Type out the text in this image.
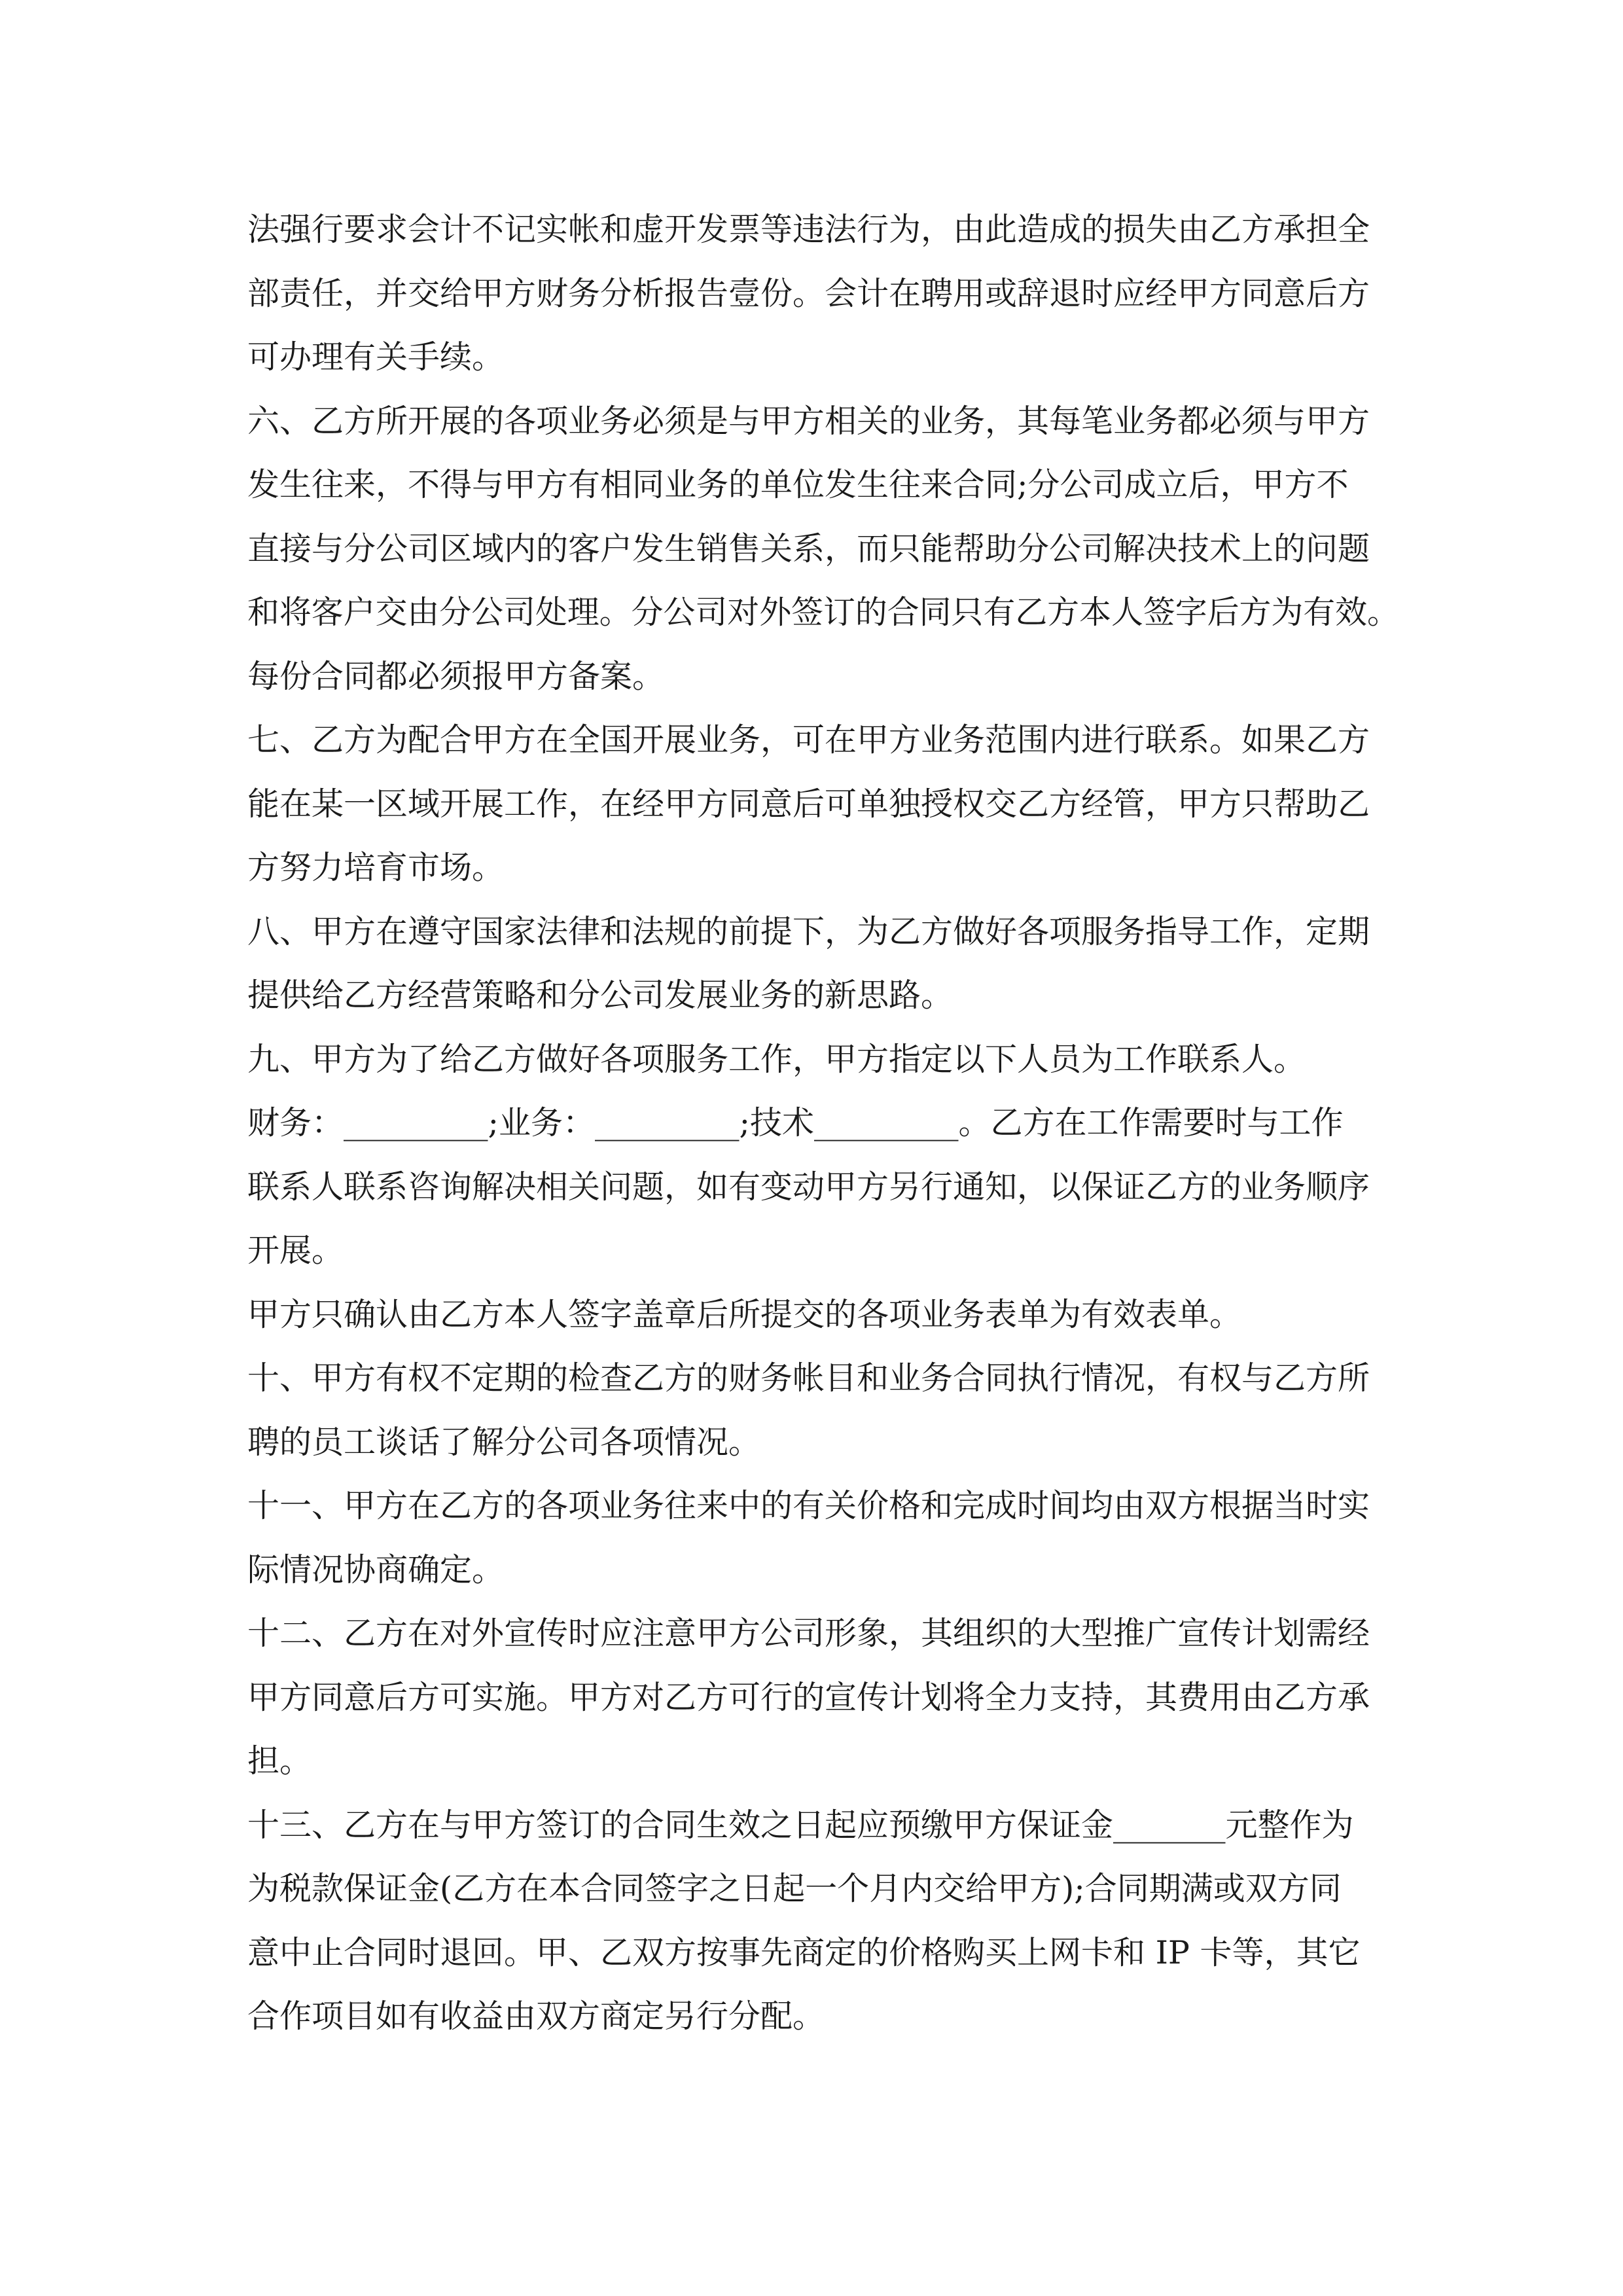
法强行要求会计不记实帐和虚开发票等违法行为，由此造成的损失由乙方承担全
部责任，并交给甲方财务分析报告壹份。会计在聘用或辞退时应经甲方同意后方
可办理有关手续。
六、乙方所开展的各项业务必须是与甲方相关的业务，其每笔业务都必须与甲方
发生往来，不得与甲方有相同业务的单位发生往来合同;分公司成立后，甲方不
直接与分公司区域内的客户发生销售关系，而只能帮助分公司解决技术上的问题
和将客户交由分公司处理。分公司对外签订的合同只有乙方本人签字后方为有效。
每份合同都必须报甲方备案。
七、乙方为配合甲方在全国开展业务，可在甲方业务范围内进行联系。如果乙方
能在某一区域开展工作，在经甲方同意后可单独授权交乙方经管，甲方只帮助乙
方努力培育市场。
八、甲方在遵守国家法律和法规的前提下，为乙方做好各项服务指导工作，定期
提供给乙方经营策略和分公司发展业务的新思路。
九、甲方为了给乙方做好各项服务工作，甲方指定以下人员为工作联系人。
财务：_________;业务：_________;技术_________。乙方在工作需要时与工作
联系人联系咨询解决相关问题，如有变动甲方另行通知，以保证乙方的业务顺序
开展。
甲方只确认由乙方本人签字盖章后所提交的各项业务表单为有效表单。
十、甲方有权不定期的检查乙方的财务帐目和业务合同执行情况，有权与乙方所
聘的员工谈话了解分公司各项情况。
十一、甲方在乙方的各项业务往来中的有关价格和完成时间均由双方根据当时实
际情况协商确定。
十二、乙方在对外宣传时应注意甲方公司形象，其组织的大型推广宣传计划需经
甲方同意后方可实施。甲方对乙方可行的宣传计划将全力支持，其费用由乙方承
担。
十三、乙方在与甲方签订的合同生效之日起应预缴甲方保证金_______元整作为
为税款保证金(乙方在本合同签字之日起一个月内交给甲方);合同期满或双方同
意中止合同时退回。甲、乙双方按事先商定的价格购买上网卡和 IP 卡等，其它
合作项目如有收益由双方商定另行分配。
